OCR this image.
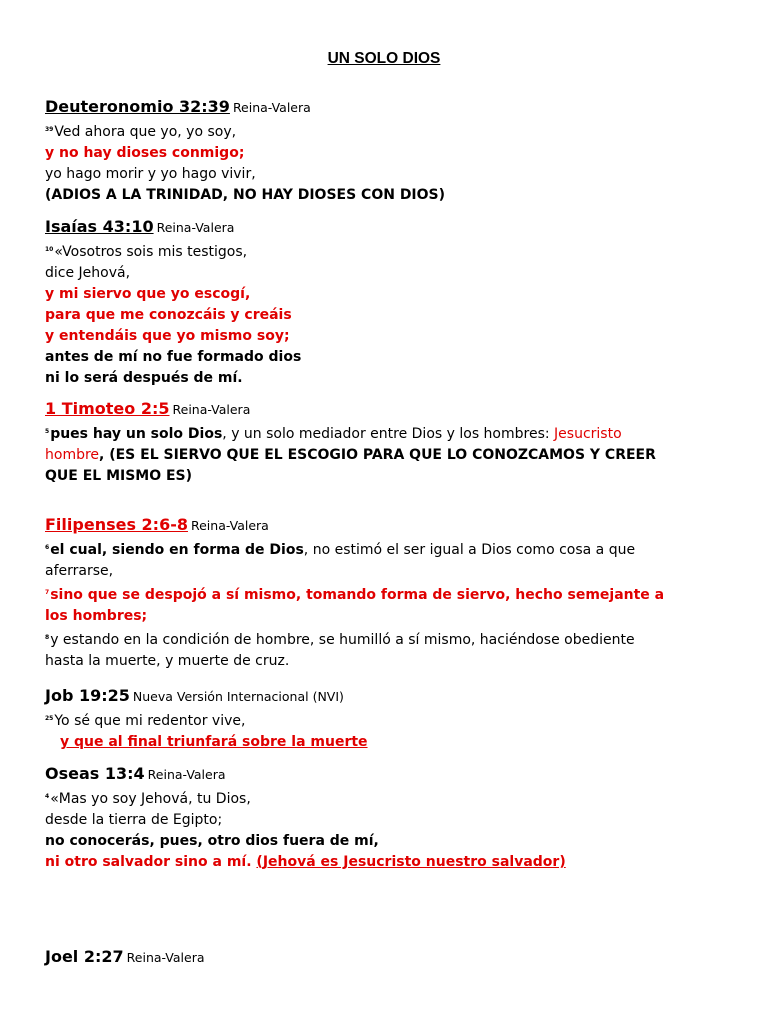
UN SOLO DIOS
Deuteronomio 32:39 Reina-Valera
$^{39}$Ved ahora que yo, yo soy,
y no hay dioses conmigo;
yo hago morir y yo hago vivir,
(ADIOS A LA TRINIDAD, NO HAY DIOSES CON DIOS)
Isaías 43:10 Reina-Valera
$^{10}$«Vosotros sois mis testigos,
dice Jehová,
y mi siervo que yo escogí,
para que me conozcáis y creáis
y entendáis que yo mismo soy;
antes de mí no fue formado dios
ni lo será después de mí.
1 Timoteo 2:5 Reina-Valera
$^5$pues hay un solo Dios, y un solo mediador entre Dios y los hombres: Jesucristo
hombre, (ES EL SIERVO QUE EL ESCOGIO PARA QUE LO CONOZCAMOS Y CREER
QUE EL MISMO ES)
Filipenses 2:6-8 Reina-Valera
$^6$el cual, siendo en forma de Dios, no estimó el ser igual a Dios como cosa a que
aferrarse,
$^7$sino que se despojó a sí mismo, tomando forma de siervo, hecho semejante a
los hombres;
$^8$y estando en la condición de hombre, se humilló a sí mismo, haciéndose obediente
hasta la muerte, y muerte de cruz.
Job 19:25 Nueva Versión Internacional (NVI)
$^{25}$Yo sé que mi redentor vive,
y que al final triunfará sobre la muerte
Oseas 13:4 Reina-Valera
$^4$«Mas yo soy Jehová, tu Dios,
desde la tierra de Egipto;
no conocerás, pues, otro dios fuera de mí,
ni otro salvador sino a mí. (Jehová es Jesucristo nuestro salvador)
Joel 2:27 Reina-Valera
